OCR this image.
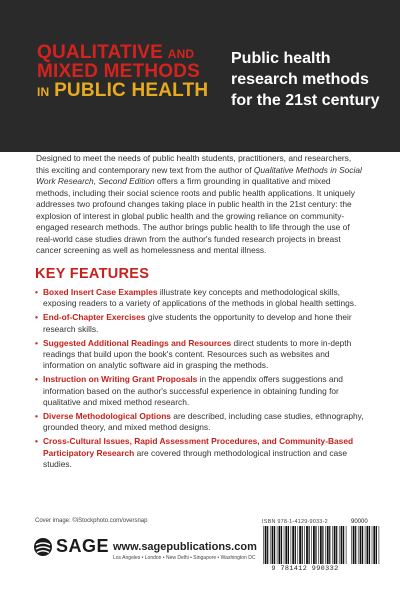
QUALITATIVE AND
MIXED METHODS
IN PUBLIC HEALTH
Public health research methods for the 21st century

Designed to meet the needs of public health students, practitioners, and researchers, this exciting and contemporary new text from the author of Qualitative Methods in Social Work Research, Second Edition offers a firm grounding in qualitative and mixed methods, including their social science roots and public health applications. It uniquely addresses two profound changes taking place in public health in the 21st century: the explosion of interest in global public health and the growing reliance on community-engaged research methods. The author brings public health to life through the use of real-world case studies drawn from the author's funded research projects in breast cancer screening as well as homelessness and mental illness.

KEY FEATURES
• Boxed Insert Case Examples illustrate key concepts and methodological skills, exposing readers to a variety of applications of the methods in global health settings.
• End-of-Chapter Exercises give students the opportunity to develop and hone their research skills.
• Suggested Additional Readings and Resources direct students to more in-depth readings that build upon the book's content. Resources such as websites and information on analytic software aid in grasping the methods.
• Instruction on Writing Grant Proposals in the appendix offers suggestions and information based on the author's successful experience in obtaining funding for qualitative and mixed method research.
• Diverse Methodological Options are described, including case studies, ethnography, grounded theory, and mixed method designs.
• Cross-Cultural Issues, Rapid Assessment Procedures, and Community-Based Participatory Research are covered through methodological instruction and case studies.
Cover image: ©iStockphoto.com/oversnap	ISBN 978-1-4129-9033-2	90000
9 781412 990332
SAGE www.sagepublications.com
Los Angeles • London • New Delhi • Singapore • Washington DC
